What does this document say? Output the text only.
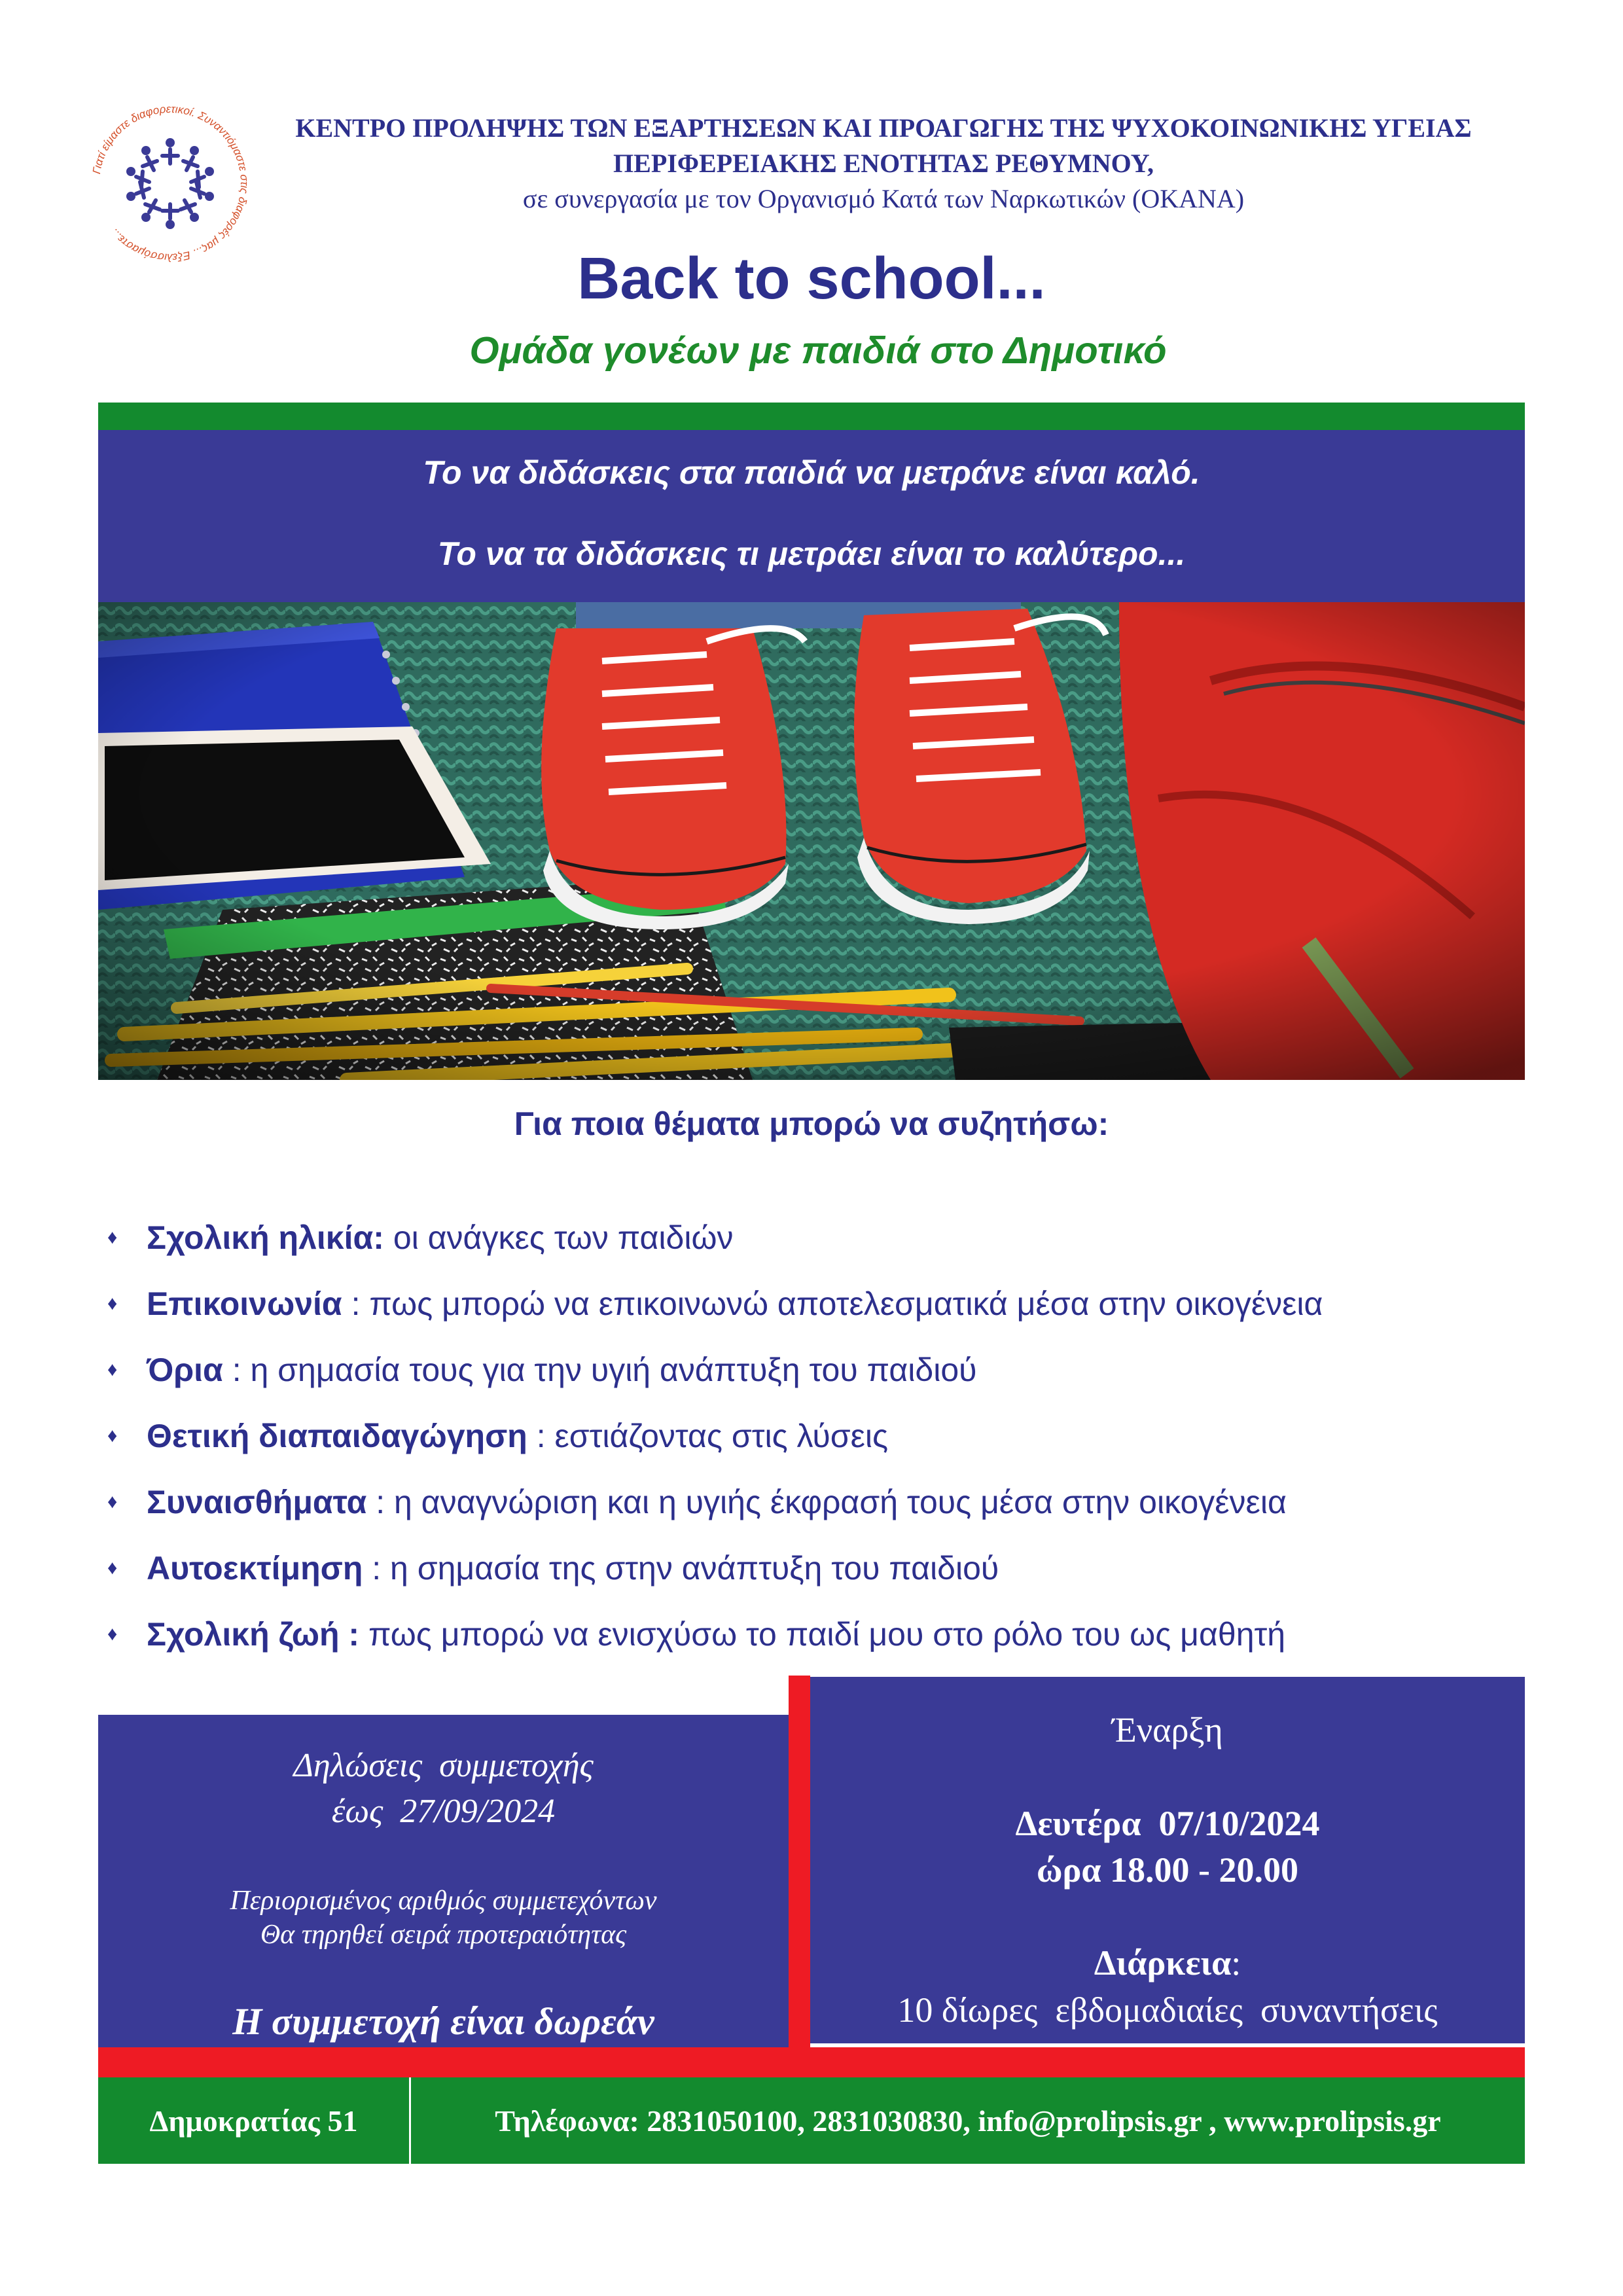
Γιατί είμαστε διαφορετικοί. Συναντιόμαστε στις διαφορές μας... Εξελισσόμαστε...
ΚΕΝΤΡΟ ΠΡΟΛΗΨΗΣ ΤΩΝ ΕΞΑΡΤΗΣΕΩΝ ΚΑΙ ΠΡΟΑΓΩΓΗΣ ΤΗΣ ΨΥΧΟΚΟΙΝΩΝΙΚΗΣ ΥΓΕΙΑΣ
ΠΕΡΙΦΕΡΕΙΑΚΗΣ ΕΝΟΤΗΤΑΣ ΡΕΘΥΜΝΟΥ,
σε συνεργασία με τον Οργανισμό Κατά των Ναρκωτικών (ΟΚΑΝΑ)
Back to school...
Ομάδα γονέων με παιδιά στο Δημοτικό
Το να διδάσκεις στα παιδιά να μετράνε είναι καλό.
Το να τα διδάσκεις τι μετράει είναι το καλύτερο...
Για ποια θέματα μπορώ να συζητήσω:
♦ Σχολική ηλικία: οι ανάγκες των παιδιών
♦ Επικοινωνία : πως μπορώ να επικοινωνώ αποτελεσματικά μέσα στην οικογένεια
♦ Όρια : η σημασία τους για την υγιή ανάπτυξη του παιδιού
♦ Θετική διαπαιδαγώγηση : εστιάζοντας στις λύσεις
♦ Συναισθήματα : η αναγνώριση και η υγιής έκφρασή τους μέσα στην οικογένεια
♦ Αυτοεκτίμηση : η σημασία της στην ανάπτυξη του παιδιού
♦ Σχολική ζωή : πως μπορώ να ενισχύσω το παιδί μου στο ρόλο του ως μαθητή
Δηλώσεις  συμμετοχής
έως  27/09/2024
Περιορισμένος αριθμός συμμετεχόντων
Θα τηρηθεί σειρά προτεραιότητας
Η συμμετοχή είναι δωρεάν
Έναρξη
Δευτέρα  07/10/2024
ώρα 18.00 - 20.00
Διάρκεια:
10 δίωρες  εβδομαδιαίες  συναντήσεις
Δημοκρατίας 51	Τηλέφωνα: 2831050100, 2831030830, info@prolipsis.gr , www.prolipsis.gr
